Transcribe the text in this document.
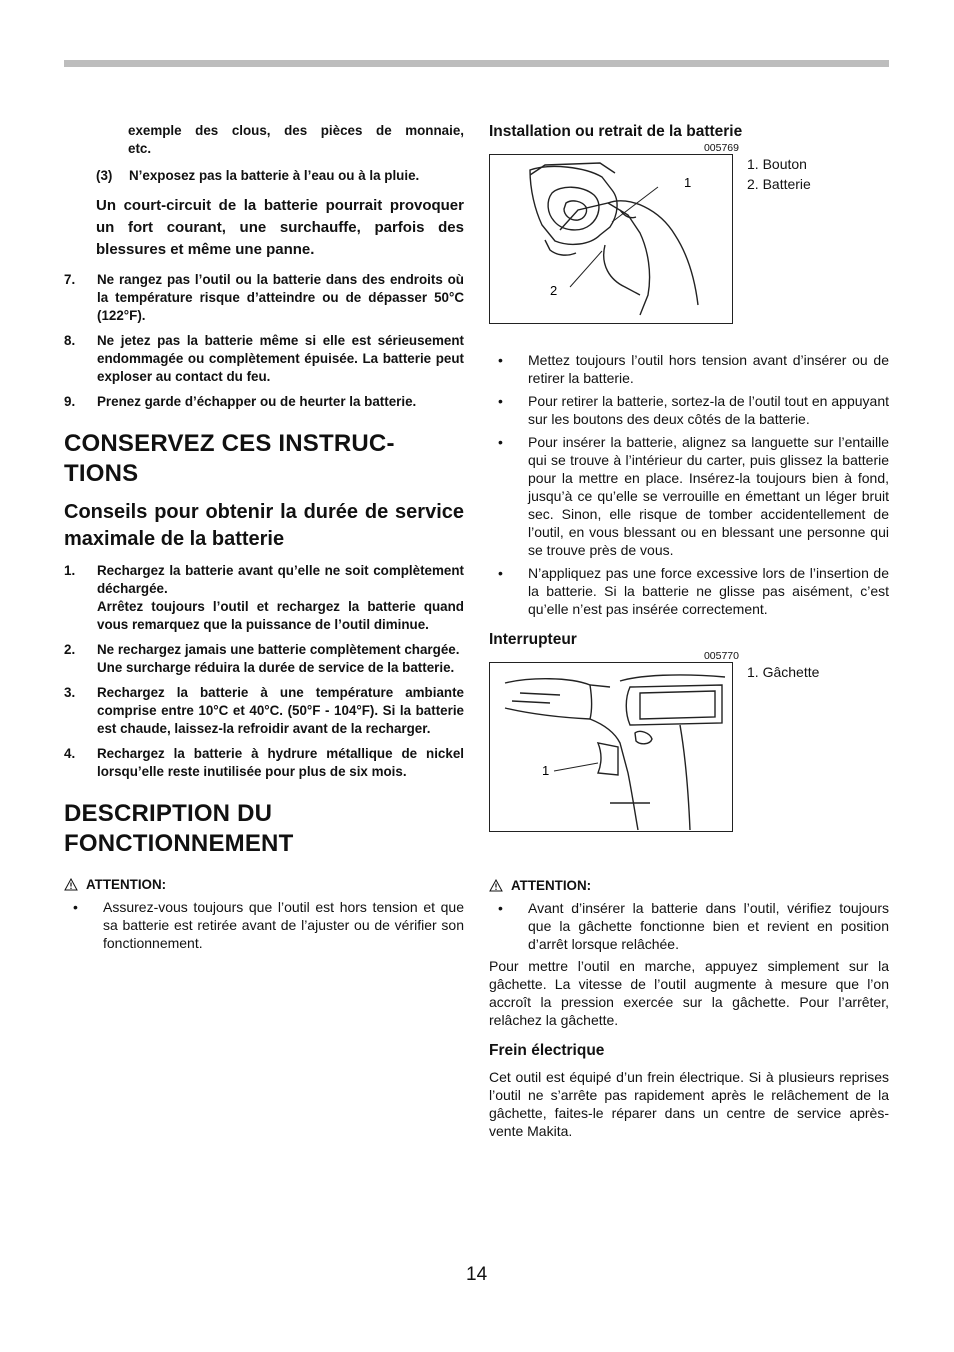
exemple des clous, des pièces de monnaie,
etc.

(3)	N’exposez pas la batterie à l’eau ou à la pluie.

Un court-circuit de la batterie pourrait provoquer un fort courant, une surchauffe, parfois des blessures et même une panne.

7.	Ne rangez pas l’outil ou la batterie dans des endroits où la température risque d’atteindre ou de dépasser 50°C (122°F).
8.	Ne jetez pas la batterie même si elle est sérieusement endommagée ou complètement épuisée. La batterie peut exploser au contact du feu.
9.	Prenez garde d’échapper ou de heurter la batterie.
CONSERVEZ CES INSTRUC-
TIONS
Conseils pour obtenir la durée de service maximale de la batterie
1.	Rechargez la batterie avant qu’elle ne soit complètement déchargée.
Arrêtez toujours l’outil et rechargez la batterie quand vous remarquez que la puissance de l’outil diminue.
2.	Ne rechargez jamais une batterie complètement chargée.
Une surcharge réduira la durée de service de la batterie.
3.	Rechargez la batterie à une température ambiante comprise entre 10°C et 40°C. (50°F - 104°F). Si la batterie est chaude, laissez-la refroidir avant de la recharger.
4.	Rechargez la batterie à hydrure métallique de nickel lorsqu’elle reste inutilisée pour plus de six mois.
DESCRIPTION DU
FONCTIONNEMENT
ATTENTION:
•	Assurez-vous toujours que l’outil est hors tension et que sa batterie est retirée avant de l’ajuster ou de vérifier son fonctionnement.
Installation ou retrait de la batterie
005769
1
2
1. Bouton
2. Batterie
•	Mettez toujours l’outil hors tension avant d’insérer ou de retirer la batterie.
•	Pour retirer la batterie, sortez-la de l’outil tout en appuyant sur les boutons des deux côtés de la batterie.
•	Pour insérer la batterie, alignez sa languette sur l’entaille qui se trouve à l’intérieur du carter, puis glissez la batterie pour la mettre en place. Insérez-la toujours bien à fond, jusqu’à ce qu’elle se verrouille en émettant un léger bruit sec. Sinon, elle risque de tomber accidentellement de l’outil, en vous blessant ou en blessant une personne qui se trouve près de vous.
•	N’appliquez pas une force excessive lors de l’insertion de la batterie. Si la batterie ne glisse pas aisément, c’est qu’elle n’est pas insérée correctement.
Interrupteur
005770
1
1. Gâchette
ATTENTION:
•	Avant d’insérer la batterie dans l’outil, vérifiez toujours que la gâchette fonctionne bien et revient en position d’arrêt lorsque relâchée.

Pour mettre l’outil en marche, appuyez simplement sur la gâchette. La vitesse de l’outil augmente à mesure que l’on accroît la pression exercée sur la gâchette. Pour l’arrêter, relâchez la gâchette.

Frein électrique

Cet outil est équipé d’un frein électrique. Si à plusieurs reprises l’outil ne s’arrête pas rapidement après le relâchement de la gâchette, faites-le réparer dans un centre de service après-vente Makita.

14
